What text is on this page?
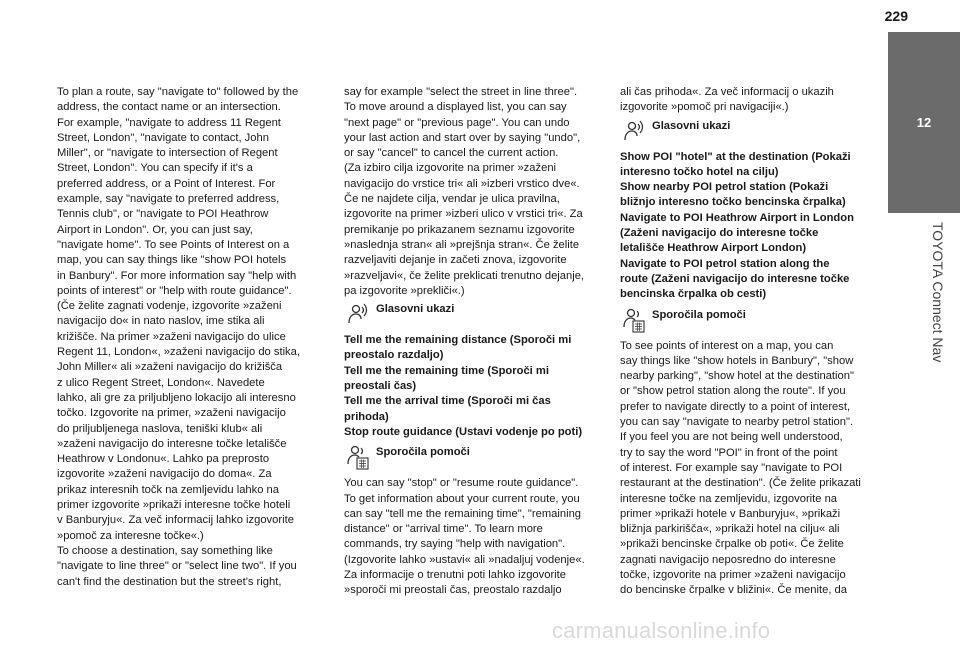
229
12
TOYOTA Connect Nav

To plan a route, say "navigate to" followed by the
address, the contact name or an intersection.
For example, "navigate to address 11 Regent
Street, London", "navigate to contact, John
Miller", or "navigate to intersection of Regent
Street, London". You can specify if it's a
preferred address, or a Point of Interest. For
example, say "navigate to preferred address,
Tennis club", or "navigate to POI Heathrow
Airport in London". Or, you can just say,
"navigate home". To see Points of Interest on a
map, you can say things like "show POI hotels
in Banbury". For more information say "help with
points of interest" or "help with route guidance".
(Če želite zagnati vodenje, izgovorite »zaženi
navigacijo do« in nato naslov, ime stika ali
križišče. Na primer »zaženi navigacijo do ulice
Regent 11, London«, »zaženi navigacijo do stika,
John Miller« ali »zaženi navigacijo do križišča
z ulico Regent Street, London«. Navedete
lahko, ali gre za priljubljeno lokacijo ali interesno
točko. Izgovorite na primer, »zaženi navigacijo
do priljubljenega naslova, teniški klub« ali
»zaženi navigacijo do interesne točke letališče
Heathrow v Londonu«. Lahko pa preprosto
izgovorite »zaženi navigacijo do doma«. Za
prikaz interesnih točk na zemljevidu lahko na
primer izgovorite »prikaži interesne točke hoteli
v Banburyju«. Za več informacij lahko izgovorite
»pomoč za interesne točke«.)
To choose a destination, say something like
"navigate to line three" or "select line two". If you
can't find the destination but the street's right,

say for example "select the street in line three".
To move around a displayed list, you can say
"next page" or "previous page". You can undo
your last action and start over by saying "undo",
or say "cancel" to cancel the current action.
(Za izbiro cilja izgovorite na primer »zaženi
navigacijo do vrstice tri« ali »izberi vrstico dve«.
Če ne najdete cilja, vendar je ulica pravilna,
izgovorite na primer »izberi ulico v vrstici tri«. Za
premikanje po prikazanem seznamu izgovorite
»naslednja stran« ali »prejšnja stran«. Če želite
razveljaviti dejanje in začeti znova, izgovorite
»razveljavi«, če želite preklicati trenutno dejanje,
pa izgovorite »prekliči«.)

Glasovni ukazi

Tell me the remaining distance (Sporoči mi
preostalo razdaljo)
Tell me the remaining time (Sporoči mi
preostali čas)
Tell me the arrival time (Sporoči mi čas
prihoda)
Stop route guidance (Ustavi vodenje po poti)

Sporočila pomoči

You can say "stop" or "resume route guidance".
To get information about your current route, you
can say "tell me the remaining time", "remaining
distance" or "arrival time". To learn more
commands, try saying "help with navigation".
(Izgovorite lahko »ustavi« ali »nadaljuj vodenje«.
Za informacije o trenutni poti lahko izgovorite
»sporoči mi preostali čas, preostalo razdaljo

ali čas prihoda«. Za več informacij o ukazih
izgovorite »pomoč pri navigaciji«.)

Glasovni ukazi

Show POI "hotel" at the destination (Pokaži
interesno točko hotel na cilju)
Show nearby POI petrol station (Pokaži
bližnjo interesno točko bencinska črpalka)
Navigate to POI Heathrow Airport in London
(Zaženi navigacijo do interesne točke
letališče Heathrow Airport London)
Navigate to POI petrol station along the
route (Zaženi navigacijo do interesne točke
bencinska črpalka ob cesti)

Sporočila pomoči

To see points of interest on a map, you can
say things like "show hotels in Banbury", "show
nearby parking", "show hotel at the destination"
or "show petrol station along the route". If you
prefer to navigate directly to a point of interest,
you can say "navigate to nearby petrol station".
If you feel you are not being well understood,
try to say the word "POI" in front of the point
of interest. For example say "navigate to POI
restaurant at the destination". (Če želite prikazati
interesne točke na zemljevidu, izgovorite na
primer »prikaži hotele v Banburyju«, »prikaži
bližnja parkirišča«, »prikaži hotel na cilju« ali
»prikaži bencinske črpalke ob poti«. Če želite
zagnati navigacijo neposredno do interesne
točke, izgovorite na primer »zaženi navigacijo
do bencinske črpalke v bližini«. Če menite, da

carmanualsonline.info
